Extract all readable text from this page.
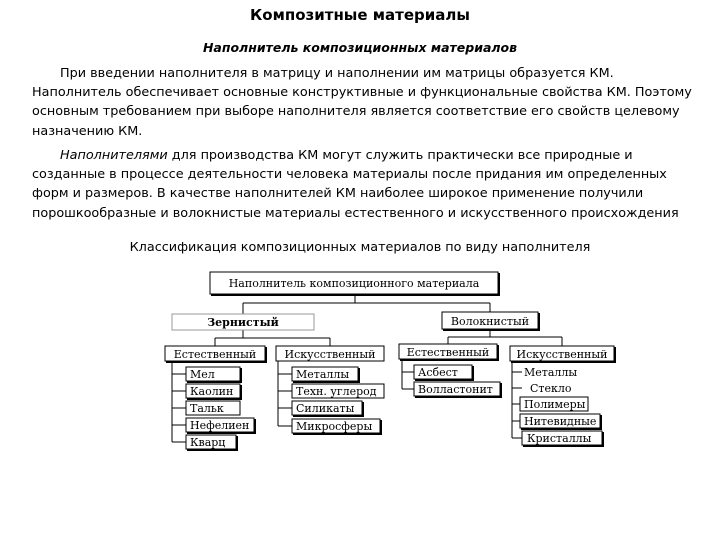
Композитные материалы
Наполнитель композиционных материалов

При введении наполнителя в матрицу и наполнении им матрицы образуется КМ. Наполнитель обеспечивает основные конструктивные и функциональные свойства КМ. Поэтому основным требованием при выборе наполнителя является соответствие его свойств целевому назначению КМ.

Наполнителями для производства КМ могут служить практически все природные и созданные в процессе деятельности человека материалы после придания им определенных форм и размеров. В качестве наполнителей КМ наиболее широкое применение получили порошкообразные и волокнистые материалы естественного и искусственного происхождения

Классификация композиционных материалов по виду наполнителя
Наполнитель композиционного материала
Зернистый	Волокнистый
Естественный	Искусственный	Естественный Искусственный
Мел
Каолин
Тальк
Нефелиен
Кварц
Металлы
Техн. углерод
Силикаты
Микросферы
Асбест
Волластонит
Металлы
Стекло
Полимеры
Нитевидные
Кристаллы
